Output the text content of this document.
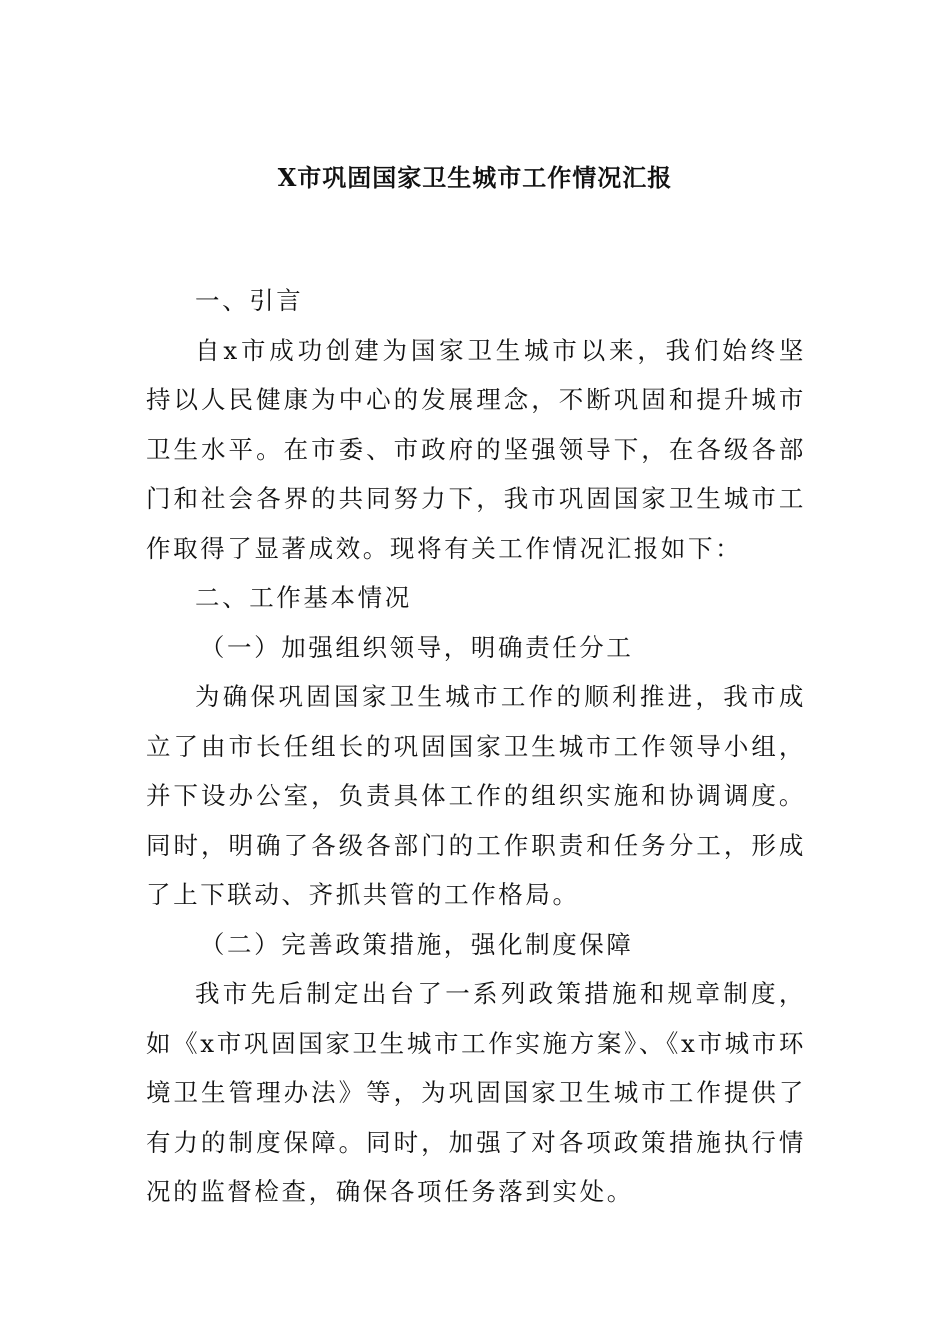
X市巩固国家卫生城市工作情况汇报

一、引言

自x市成功创建为国家卫生城市以来，我们始终坚持以人民健康为中心的发展理念，不断巩固和提升城市卫生水平。在市委、市政府的坚强领导下，在各级各部门和社会各界的共同努力下，我市巩固国家卫生城市工作取得了显著成效。现将有关工作情况汇报如下：

二、工作基本情况

（一）加强组织领导，明确责任分工

为确保巩固国家卫生城市工作的顺利推进，我市成立了由市长任组长的巩固国家卫生城市工作领导小组，并下设办公室，负责具体工作的组织实施和协调调度。同时，明确了各级各部门的工作职责和任务分工，形成了上下联动、齐抓共管的工作格局。

（二）完善政策措施，强化制度保障

我市先后制定出台了一系列政策措施和规章制度，如《x市巩固国家卫生城市工作实施方案》、《x市城市环境卫生管理办法》等，为巩固国家卫生城市工作提供了有力的制度保障。同时，加强了对各项政策措施执行情况的监督检查，确保各项任务落到实处。
